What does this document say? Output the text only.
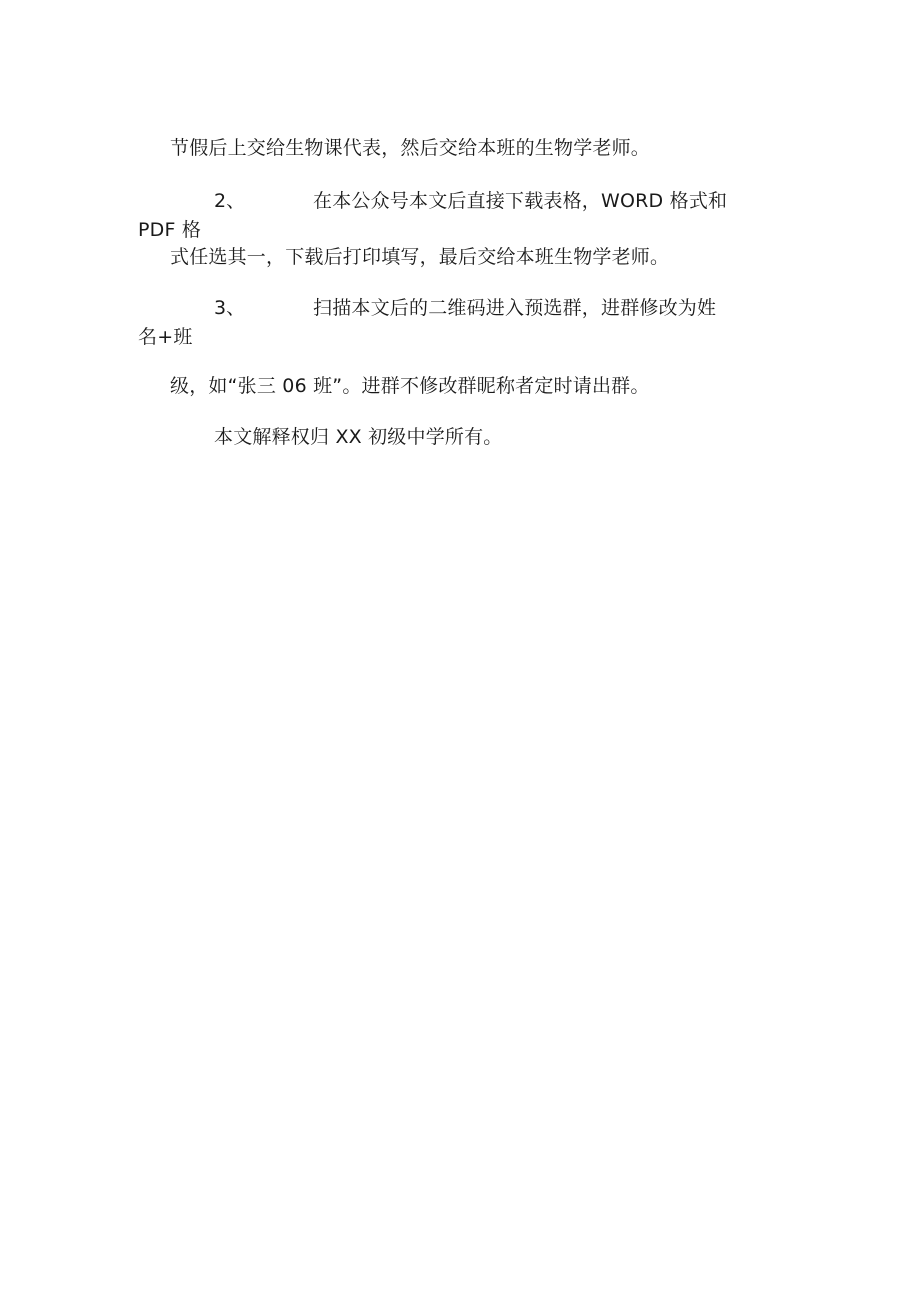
节假后上交给生物课代表，然后交给本班的生物学老师。
2、	在本公众号本文后直接下载表格，WORD 格式和
PDF 格
式任选其一，下载后打印填写，最后交给本班生物学老师。
3、	扫描本文后的二维码进入预选群，进群修改为姓
名+班
级，如“张三 06 班”。进群不修改群昵称者定时请出群。
本文解释权归 XX 初级中学所有。
